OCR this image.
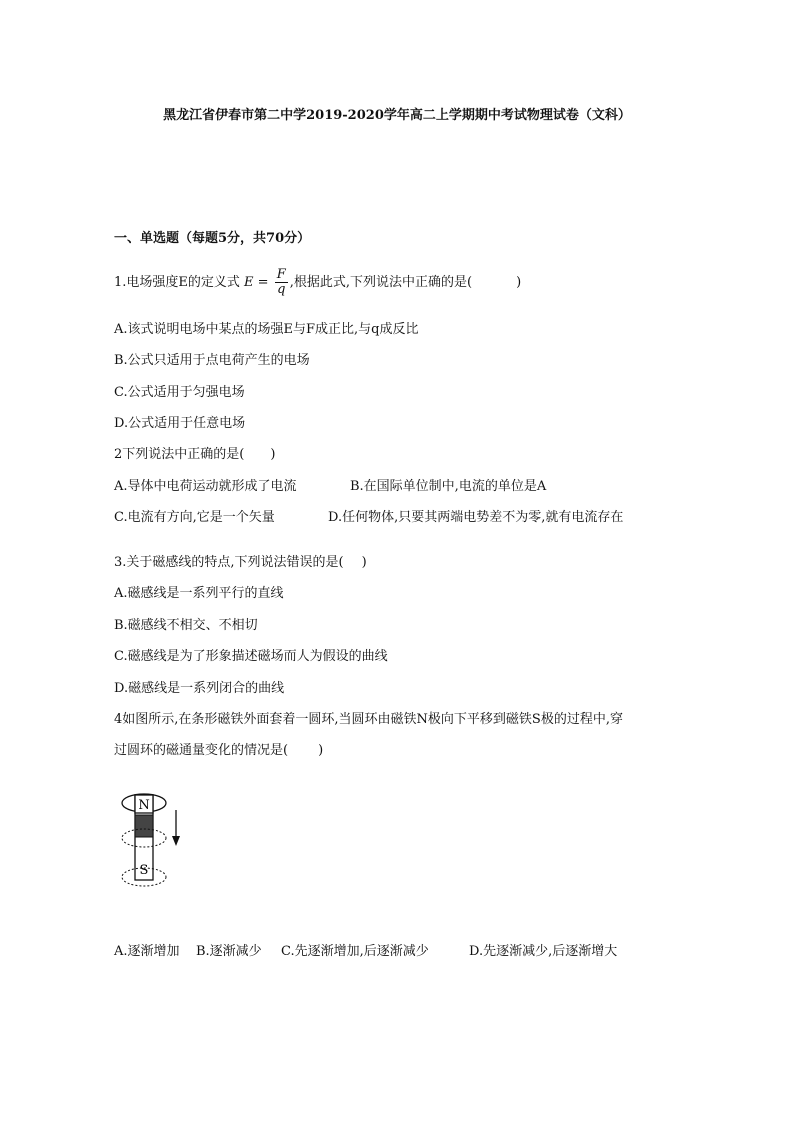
黑龙江省伊春市第二中学2019-2020学年高二上学期期中考试物理试卷（文科）
一、单选题（每题5分，共70分）
1.电场强度E的定义式 $E = \frac{F}{q}$ ,根据此式,下列说法中正确的是(	)
A.该式说明电场中某点的场强E与F成正比,与q成反比
B.公式只适用于点电荷产生的电场
C.公式适用于匀强电场
D.公式适用于任意电场
2下列说法中正确的是( )
A.导体中电荷运动就形成了电流	B.在国际单位制中,电流的单位是A
C.电流有方向,它是一个矢量	D.任何物体,只要其两端电势差不为零,就有电流存在
3.关于磁感线的特点,下列说法错误的是( )
A.磁感线是一系列平行的直线
B.磁感线不相交、不相切
C.磁感线是为了形象描述磁场而人为假设的曲线
D.磁感线是一系列闭合的曲线
4如图所示,在条形磁铁外面套着一圆环,当圆环由磁铁N极向下平移到磁铁S极的过程中,穿
过圆环的磁通量变化的情况是( )
N
S
A.逐渐增加 B.逐渐减少 C.先逐渐增加,后逐渐减少	D.先逐渐减少,后逐渐增大
